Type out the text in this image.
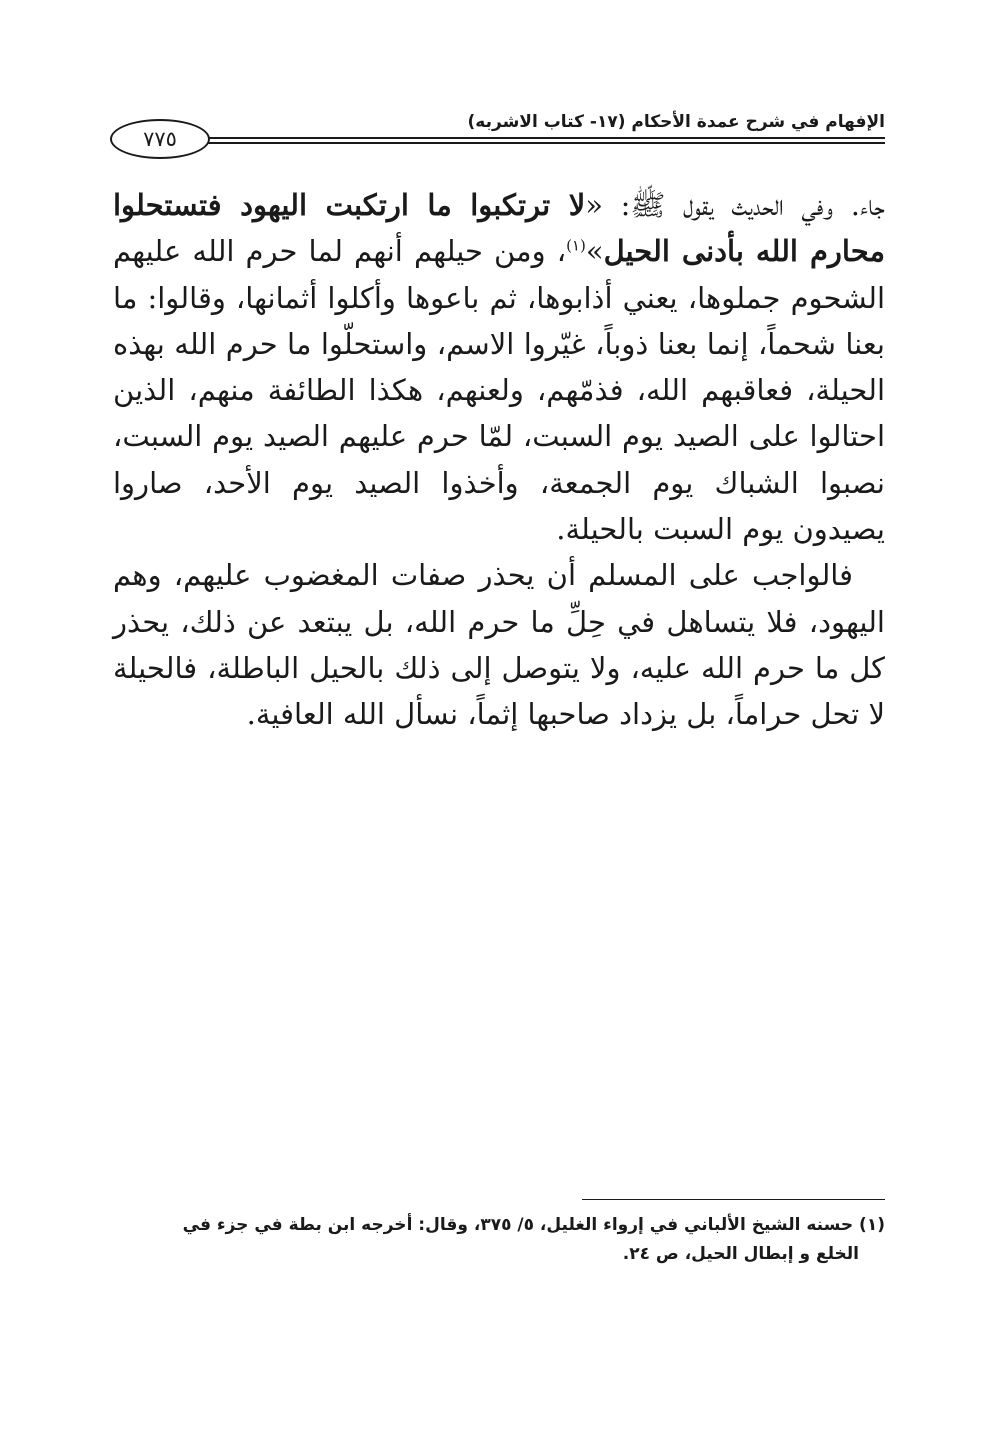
الإفهام في شرح عمدة الأحكام (١٧- كتاب الاشربه)
٧٧٥

جاء. وفي الحديث يقول ﷺ: «لا ترتكبوا ما ارتكبت اليهود فتستحلوا محارم الله بأدنى الحيل»$^{(١)}$، ومن حيلهم أنهم لما حرم الله عليهم الشحوم جملوها، يعني أذابوها، ثم باعوها وأكلوا أثمانها، وقالوا: ما بعنا شحماً، إنما بعنا ذوباً، غيّروا الاسم، واستحلّوا ما حرم الله بهذه الحيلة، فعاقبهم الله، فذمّهم، ولعنهم، هكذا الطائفة منهم، الذين احتالوا على الصيد يوم السبت، لمّا حرم عليهم الصيد يوم السبت، نصبوا الشباك يوم الجمعة، وأخذوا الصيد يوم الأحد، صاروا يصيدون يوم السبت بالحيلة.

فالواجب على المسلم أن يحذر صفات المغضوب عليهم، وهم اليهود، فلا يتساهل في حِلِّ ما حرم الله، بل يبتعد عن ذلك، يحذر كل ما حرم الله عليه، ولا يتوصل إلى ذلك بالحيل الباطلة، فالحيلة لا تحل حراماً، بل يزداد صاحبها إثماً، نسأل الله العافية.

(١) حسنه الشيخ الألباني في إرواء الغليل، ٥/ ٣٧٥، وقال: أخرجه ابن بطة في جزء في

الخلع و إبطال الحيل، ص ٢٤.
